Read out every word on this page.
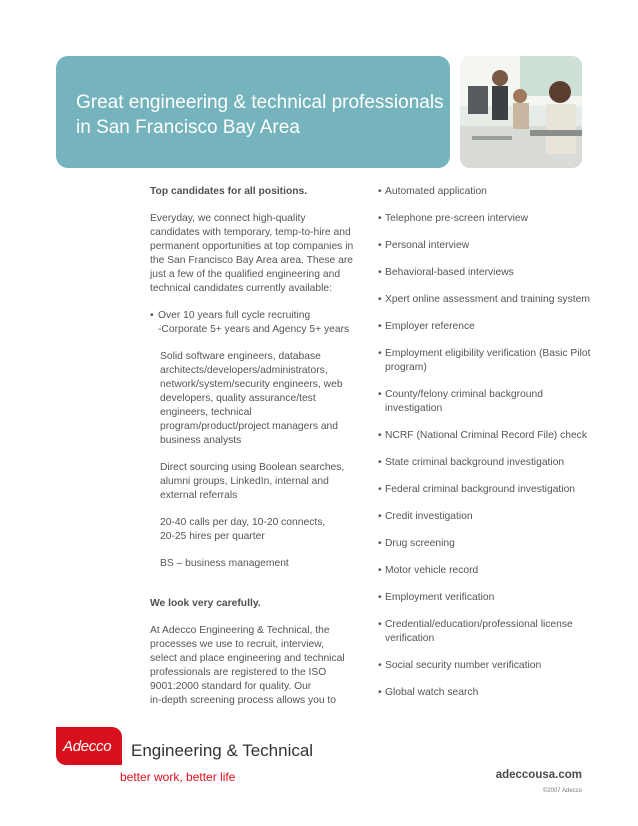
Great engineering & technical professionals
in San Francisco Bay Area

Top candidates for all positions.

Everyday, we connect high-quality
candidates with temporary, temp-to-hire and
permanent opportunities at top companies in
the San Francisco Bay Area area. These are
just a few of the qualified engineering and
technical candidates currently available:
• Over 10 years full cycle recruiting
-Corporate 5+ years and Agency 5+ years
Solid software engineers, database
architects/developers/administrators,
network/system/security engineers, web
developers, quality assurance/test
engineers, technical
program/product/project managers and
business analysts
Direct sourcing using Boolean searches,
alumni groups, LinkedIn, internal and
external referrals
20-40 calls per day, 10-20 connects,
20-25 hires per quarter
BS – business management

We look very carefully.

At Adecco Engineering & Technical, the
processes we use to recruit, interview,
select and place engineering and technical
professionals are registered to the ISO
9001:2000 standard for quality. Our
in-depth screening process allows you to
• Automated application
• Telephone pre-screen interview
• Personal interview
• Behavioral-based interviews
• Xpert online assessment and training system
• Employer reference
• Employment eligibility verification (Basic Pilot
program)
• County/felony criminal background
investigation
• NCRF (National Criminal Record File) check
• State criminal background investigation
• Federal criminal background investigation
• Credit investigation
• Drug screening
• Motor vehicle record
• Employment verification
• Credential/education/professional license
verification
• Social security number verification
• Global watch search
Adecco Engineering & Technical
better work, better life	adeccousa.com
©2007 Adecco
